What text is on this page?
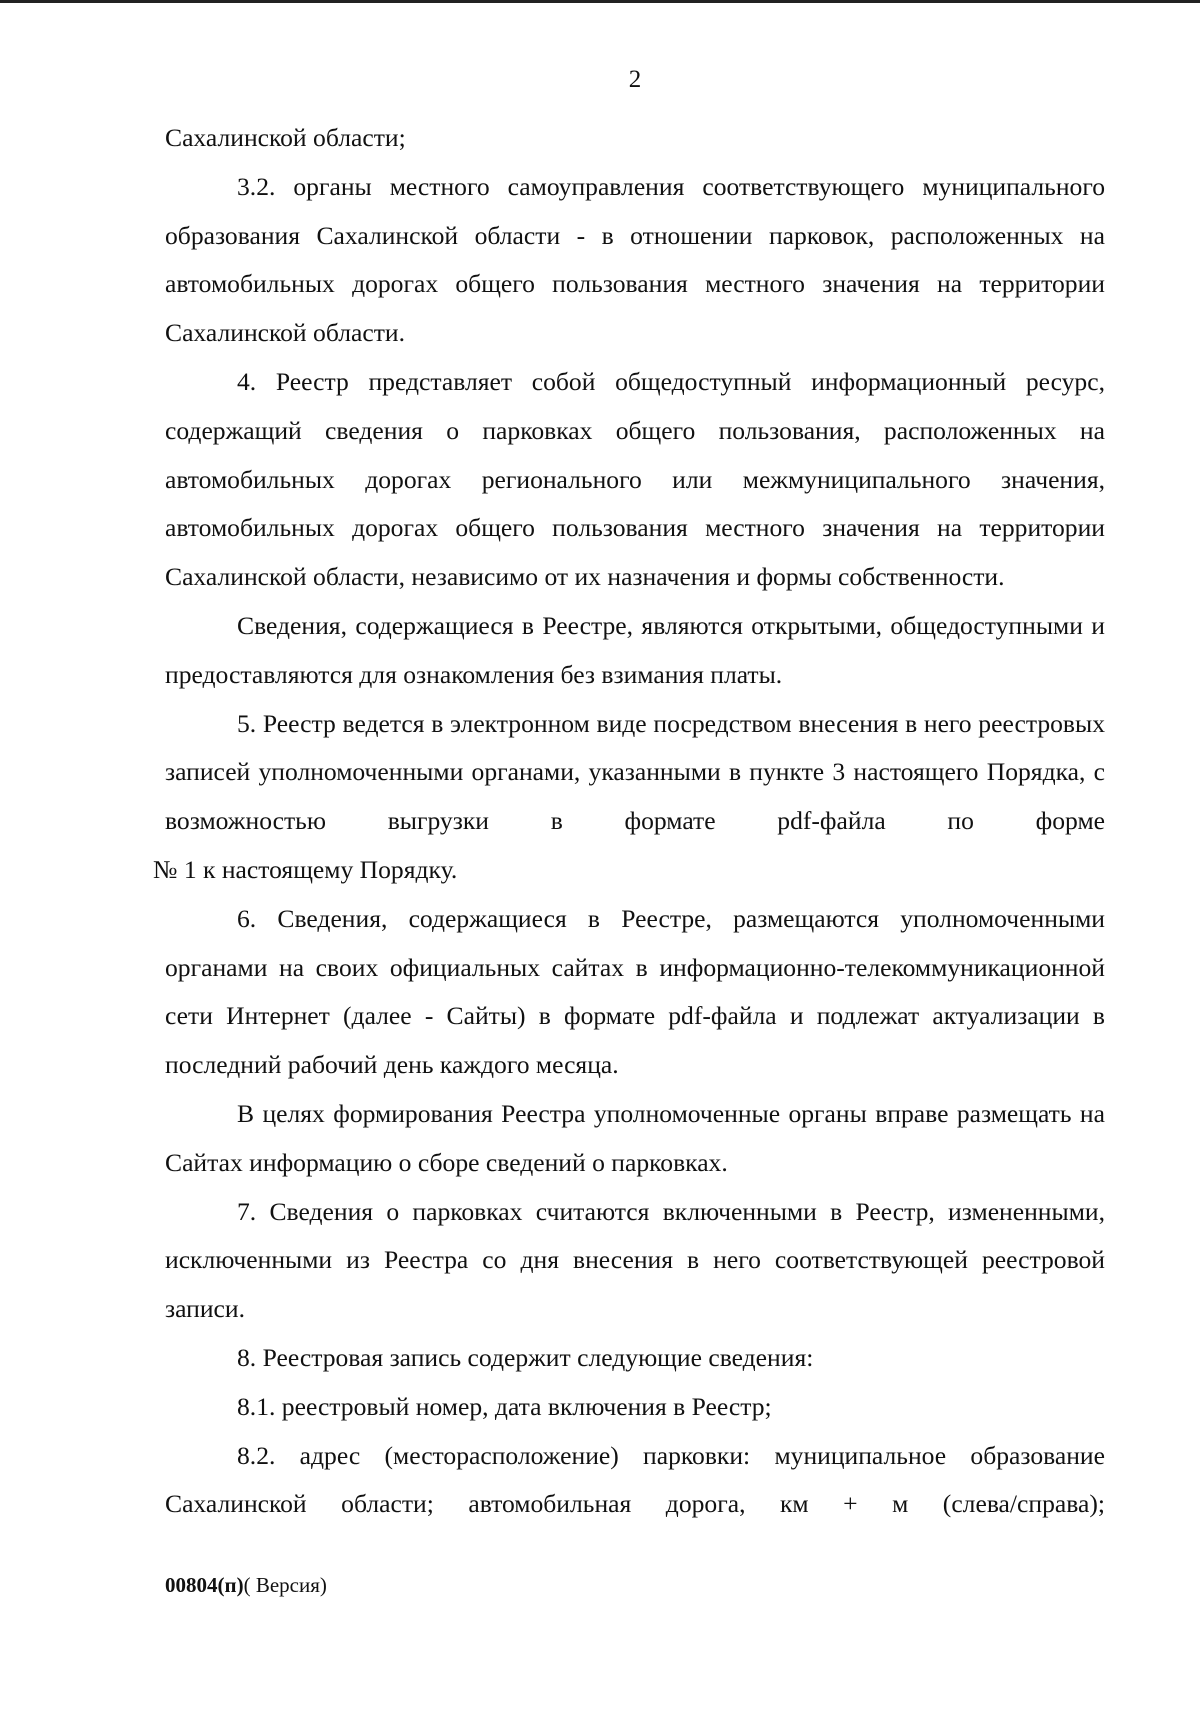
2

Сахалинской области;

3.2. органы местного самоуправления соответствующего муниципального образования Сахалинской области - в отношении парковок, расположенных на автомобильных дорогах общего пользования местного значения на территории Сахалинской области.

4. Реестр представляет собой общедоступный информационный ресурс, содержащий сведения о парковках общего пользования, расположенных на автомобильных дорогах регионального или межмуниципального значения, автомобильных дорогах общего пользования местного значения на территории Сахалинской области, независимо от их назначения и формы собственности.

Сведения, содержащиеся в Реестре, являются открытыми, общедоступными и предоставляются для ознакомления без взимания платы.

5. Реестр ведется в электронном виде посредством внесения в него реестровых записей уполномоченными органами, указанными в пункте 3 настоящего Порядка, с возможностью выгрузки в формате pdf-файла по форме

№ 1 к настоящему Порядку.

6. Сведения, содержащиеся в Реестре, размещаются уполномоченными органами на своих официальных сайтах в информационно-телекоммуникационной сети Интернет (далее - Сайты) в формате pdf-файла и подлежат актуализации в последний рабочий день каждого месяца.

В целях формирования Реестра уполномоченные органы вправе размещать на Сайтах информацию о сборе сведений о парковках.

7. Сведения о парковках считаются включенными в Реестр, измененными, исключенными из Реестра со дня внесения в него соответствующей реестровой записи.

8. Реестровая запись содержит следующие сведения:

8.1. реестровый номер, дата включения в Реестр;

8.2. адрес (месторасположение) парковки: муниципальное образование Сахалинской области; автомобильная дорога, км + м (слева/справа);

00804(п)( Версия)
